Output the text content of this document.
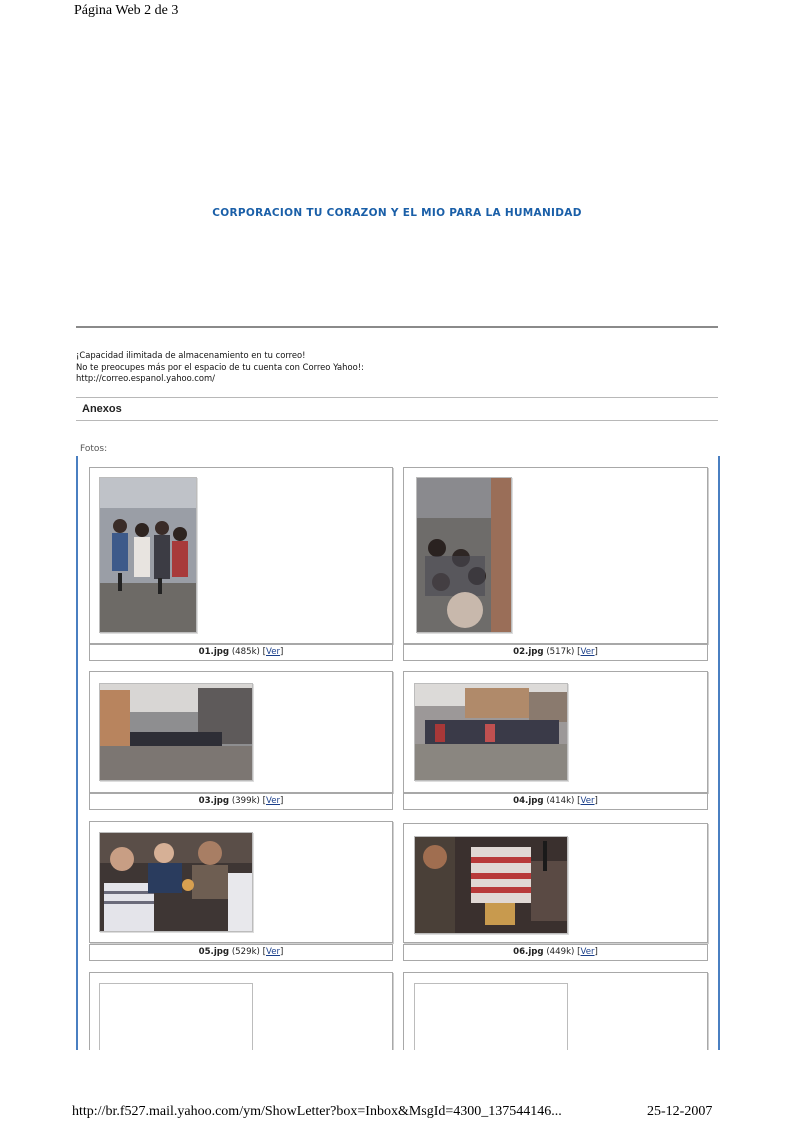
Página Web 2 de 3
CORPORACION TU CORAZON Y EL MIO PARA LA HUMANIDAD
¡Capacidad ilimitada de almacenamiento en tu correo!
No te preocupes más por el espacio de tu cuenta con Correo Yahoo!:
http://correo.espanol.yahoo.com/
Anexos
Fotos:
01.jpg (485k) [Ver]	02.jpg (517k) [Ver]
03.jpg (399k) [Ver]	04.jpg (414k) [Ver]
05.jpg (529k) [Ver]	06.jpg (449k) [Ver]
http://br.f527.mail.yahoo.com/ym/ShowLetter?box=Inbox&MsgId=4300_137544146...	25-12-2007
